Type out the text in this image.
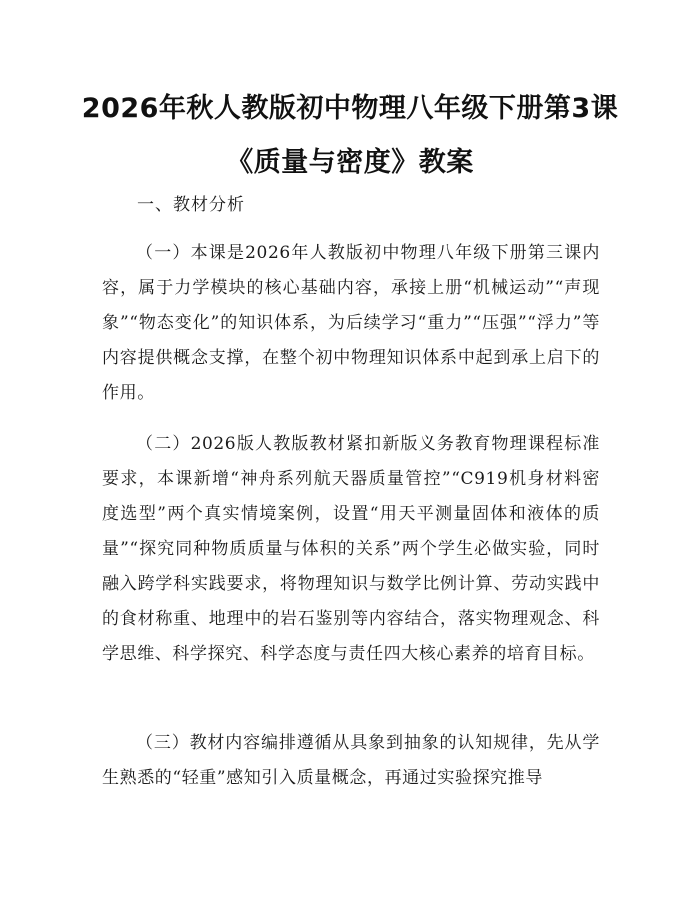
2026年秋人教版初中物理八年级下册第3课
《质量与密度》教案
一、教材分析

（一）本课是2026年人教版初中物理八年级下册第三课内容，属于力学模块的核心基础内容，承接上册“机械运动”“声现象”“物态变化”的知识体系，为后续学习“重力”“压强”“浮力”等内容提供概念支撑，在整个初中物理知识体系中起到承上启下的作用。

（二）2026版人教版教材紧扣新版义务教育物理课程标准要求，本课新增“神舟系列航天器质量管控”“C919机身材料密度选型”两个真实情境案例，设置“用天平测量固体和液体的质量”“探究同种物质质量与体积的关系”两个学生必做实验，同时融入跨学科实践要求，将物理知识与数学比例计算、劳动实践中的食材称重、地理中的岩石鉴别等内容结合，落实物理观念、科学思维、科学探究、科学态度与责任四大核心素养的培育目标。

（三）教材内容编排遵循从具象到抽象的认知规律，先从学生熟悉的“轻重”感知引入质量概念，再通过实验探究推导
